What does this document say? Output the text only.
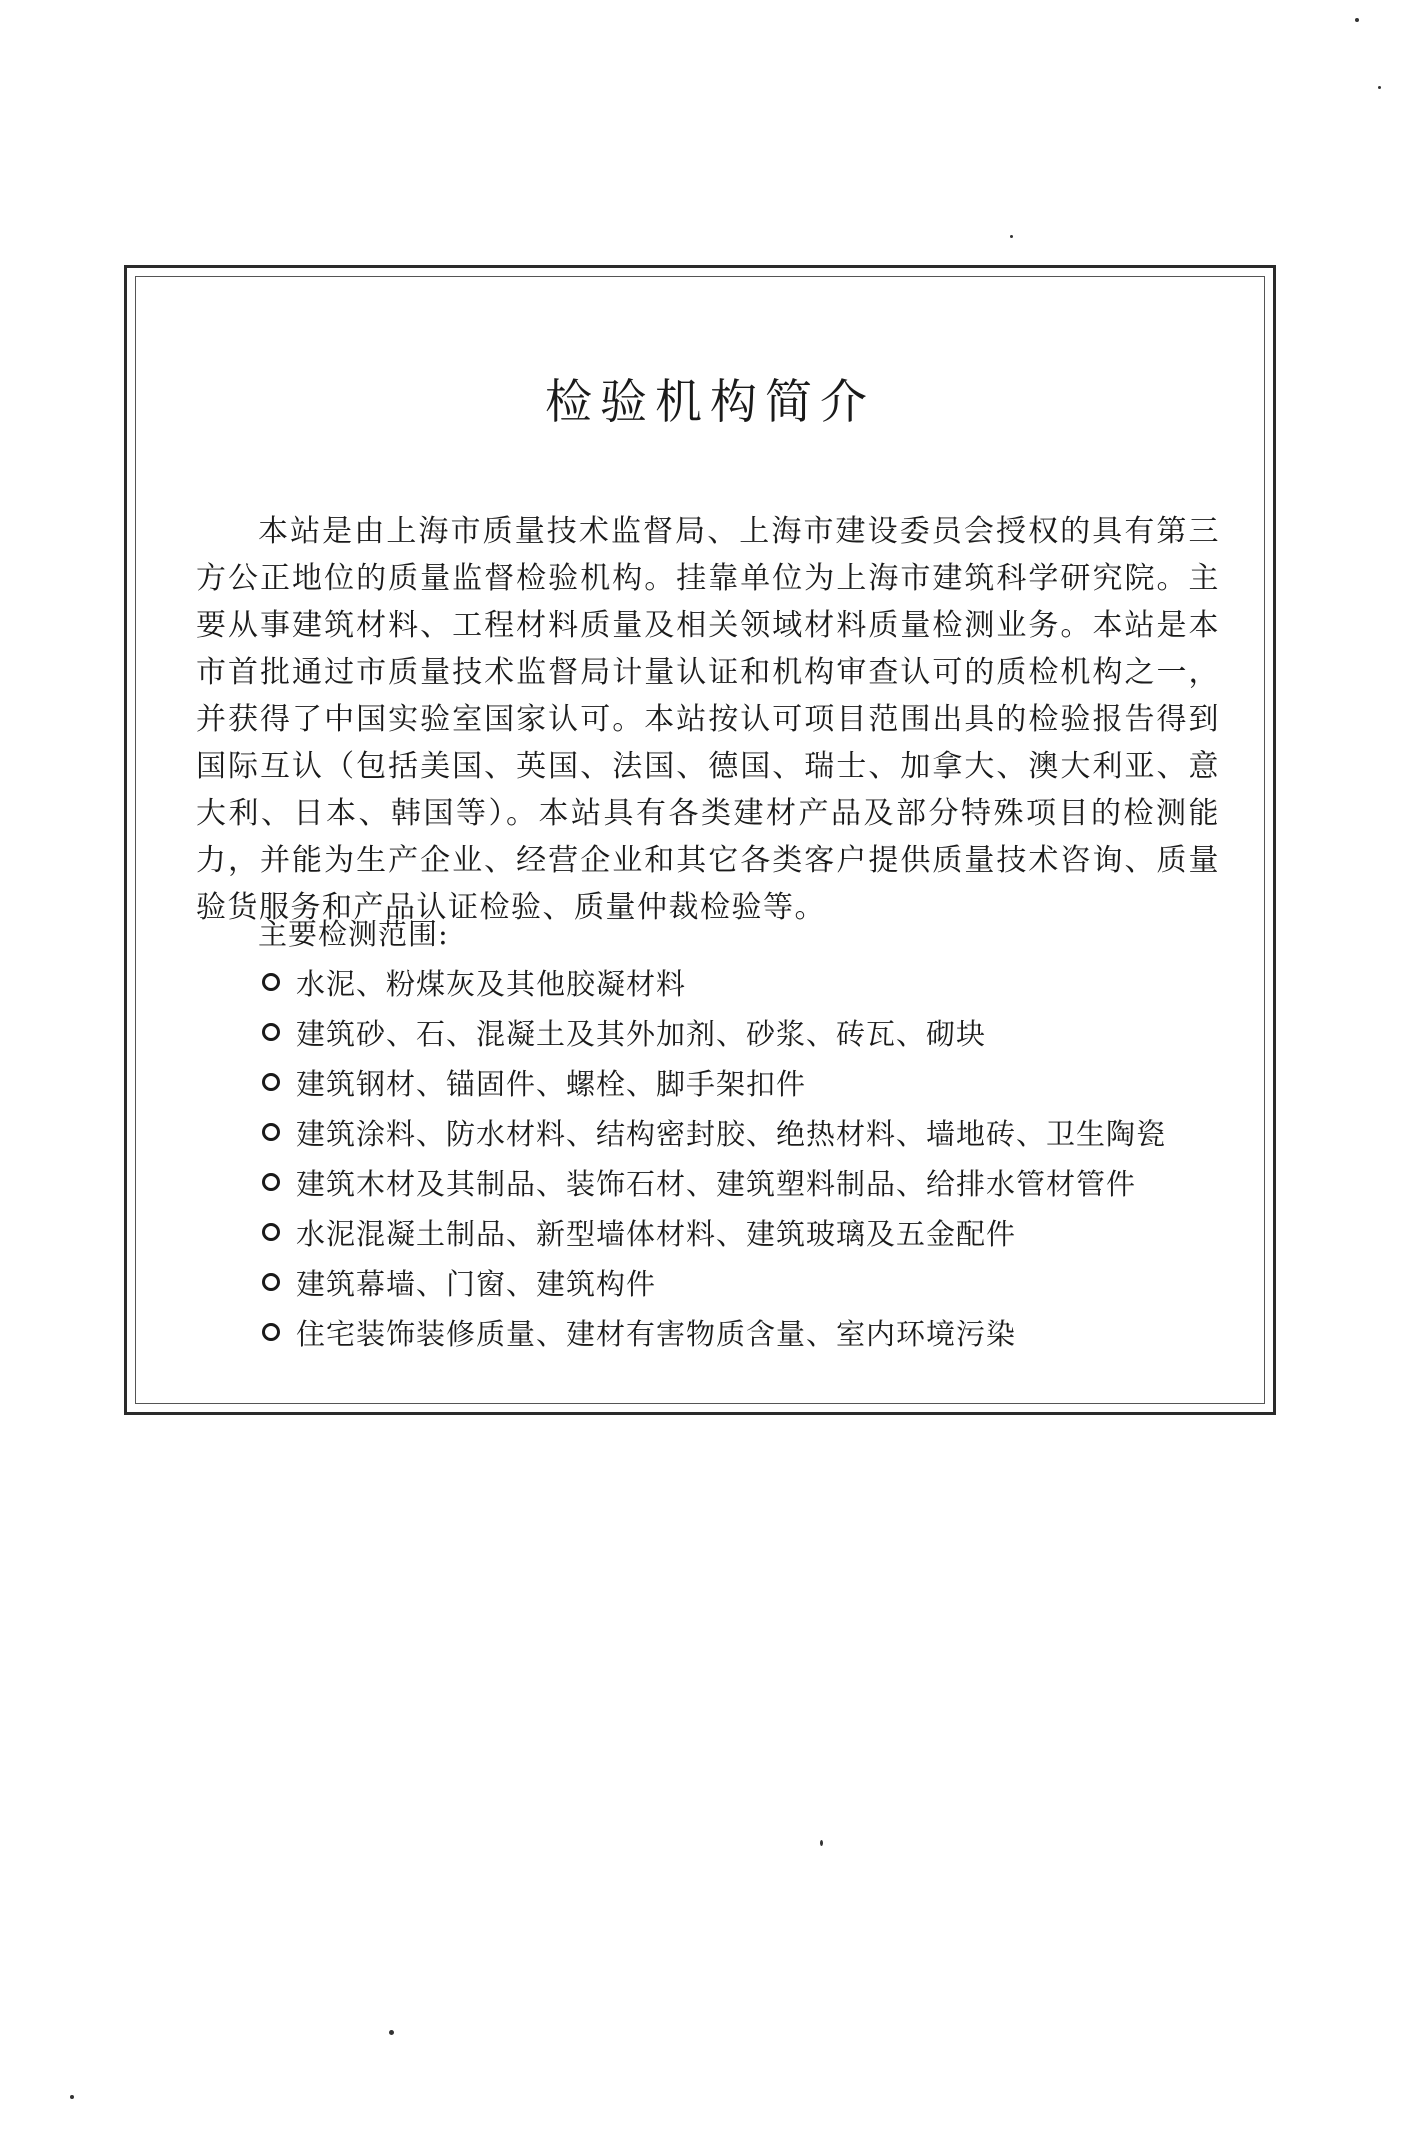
检验机构简介

本站是由上海市质量技术监督局、上海市建设委员会授权的具有第三方公正地位的质量监督检验机构。挂靠单位为上海市建筑科学研究院。主要从事建筑材料、工程材料质量及相关领域材料质量检测业务。本站是本市首批通过市质量技术监督局计量认证和机构审查认可的质检机构之一，并获得了中国实验室国家认可。本站按认可项目范围出具的检验报告得到国际互认（包括美国、英国、法国、德国、瑞士、加拿大、澳大利亚、意大利、日本、韩国等）。本站具有各类建材产品及部分特殊项目的检测能力，并能为生产企业、经营企业和其它各类客户提供质量技术咨询、质量验货服务和产品认证检验、质量仲裁检验等。

主要检测范围:

水泥、粉煤灰及其他胶凝材料
建筑砂、石、混凝土及其外加剂、砂浆、砖瓦、砌块
建筑钢材、锚固件、螺栓、脚手架扣件
建筑涂料、防水材料、结构密封胶、绝热材料、墙地砖、卫生陶瓷
建筑木材及其制品、装饰石材、建筑塑料制品、给排水管材管件
水泥混凝土制品、新型墙体材料、建筑玻璃及五金配件
建筑幕墙、门窗、建筑构件
住宅装饰装修质量、建材有害物质含量、室内环境污染
